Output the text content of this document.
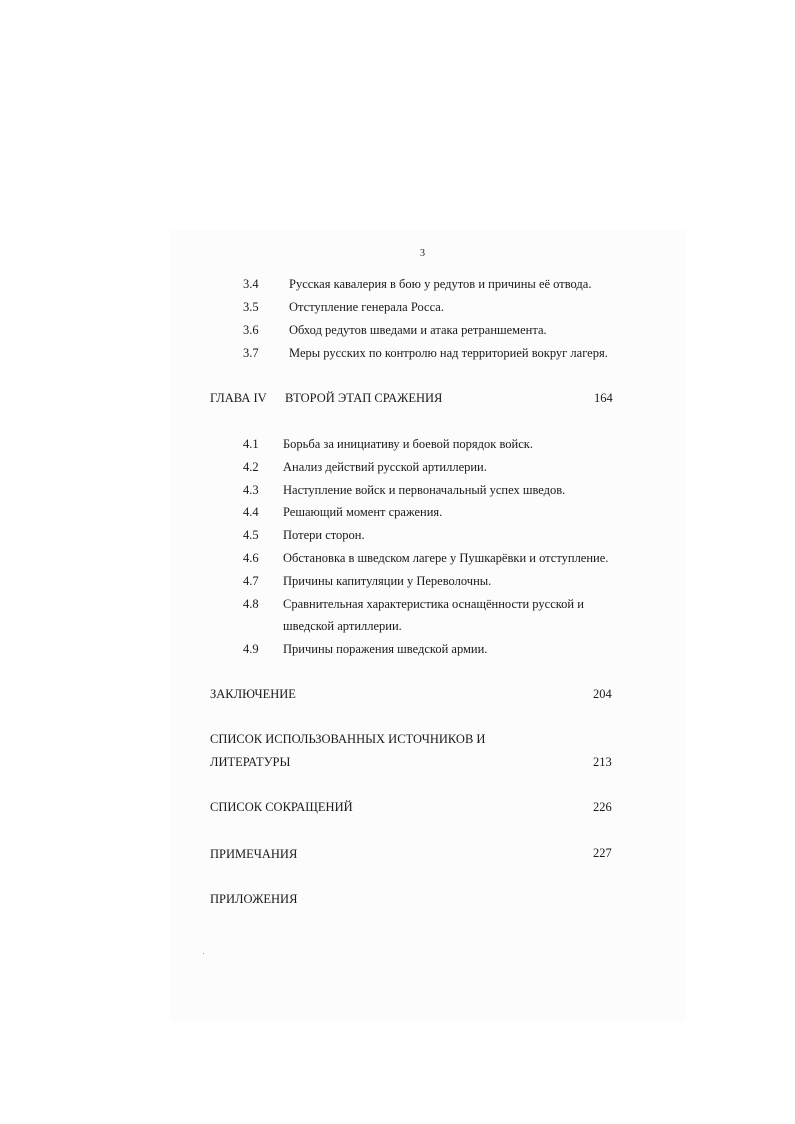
3
3.4 Русская кавалерия в бою у редутов и причины её отвода.
3.5 Отступление генерала Росса.
3.6 Обход редутов шведами и атака ретраншемента.
3.7 Меры русских по контролю над территорией вокруг лагеря.
ГЛАВА IV ВТОРОЙ ЭТАП СРАЖЕНИЯ	164
4.1 Борьба за инициативу и боевой порядок войск.
4.2 Анализ действий русской артиллерии.
4.3 Наступление войск и первоначальный успех шведов.
4.4 Решающий момент сражения.
4.5 Потери сторон.
4.6 Обстановка в шведском лагере у Пушкарёвки и отступление.
4.7 Причины капитуляции у Переволочны.
4.8 Сравнительная характеристика оснащённости русской и
шведской артиллерии.
4.9 Причины поражения шведской армии.
ЗАКЛЮЧЕНИЕ	204
СПИСОК ИСПОЛЬЗОВАННЫХ ИСТОЧНИКОВ И
ЛИТЕРАТУРЫ	213
СПИСОК СОКРАЩЕНИЙ	226
ПРИМЕЧАНИЯ	227
ПРИЛОЖЕНИЯ
